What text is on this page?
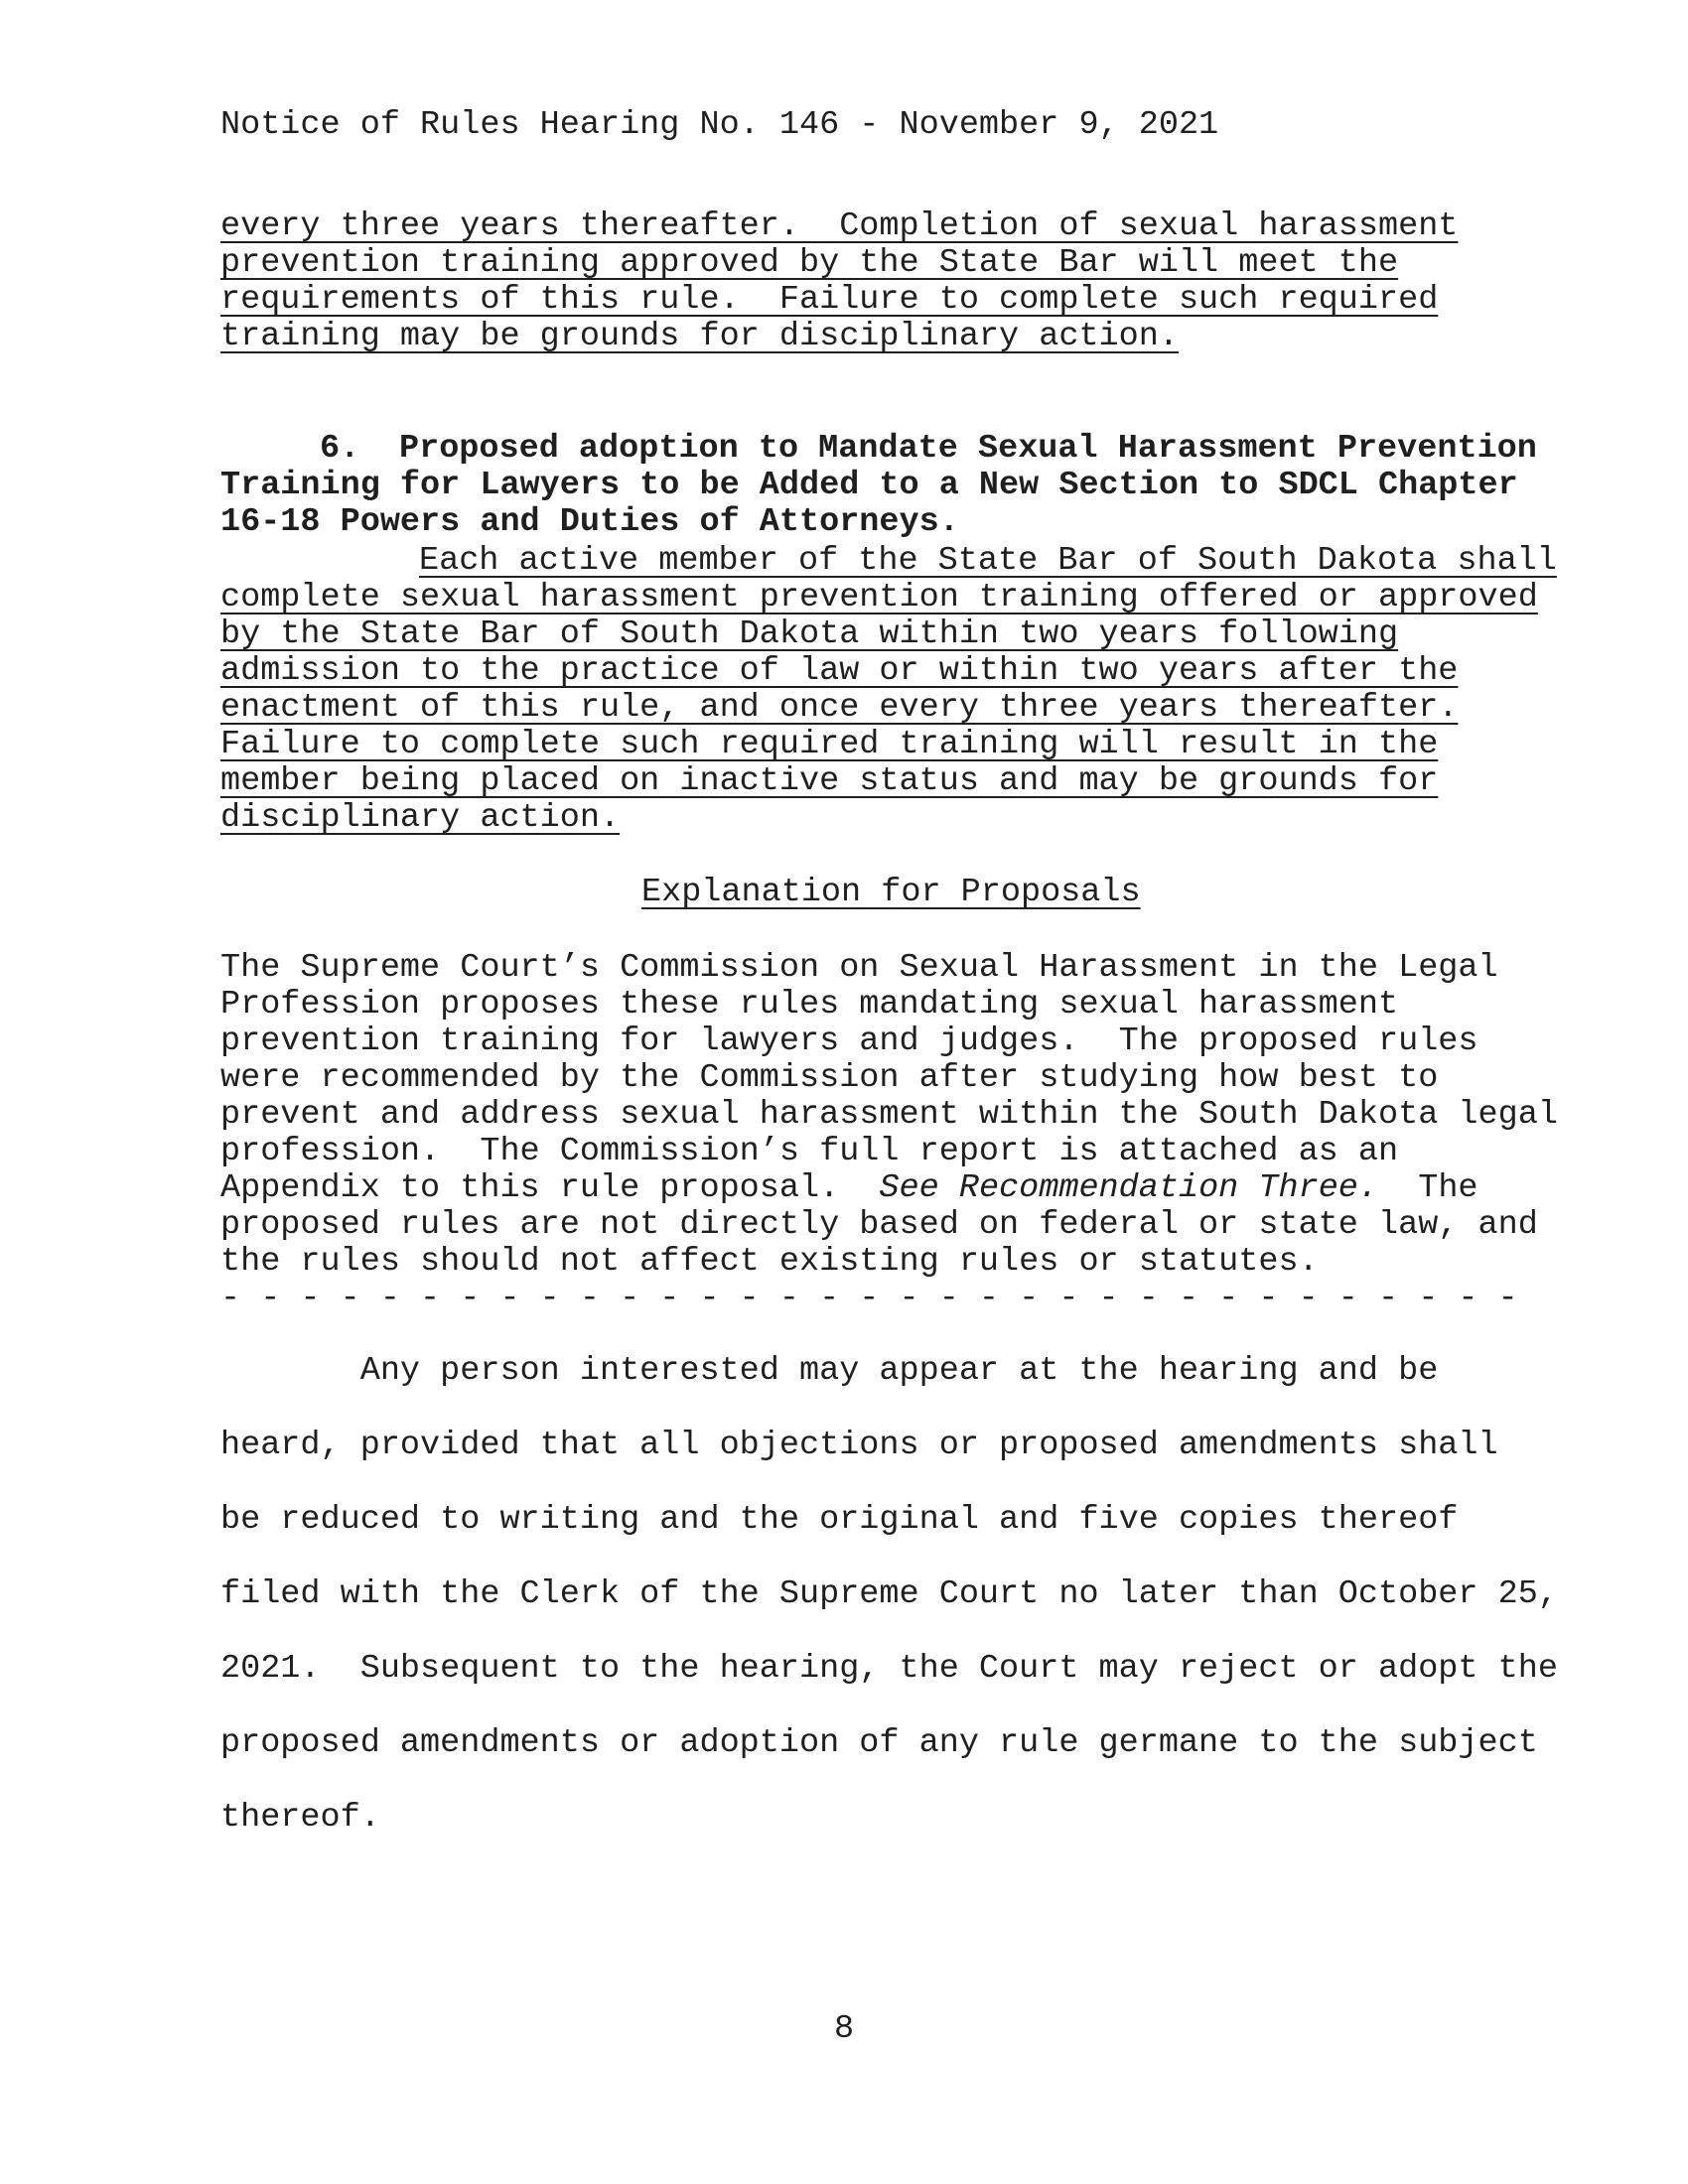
Notice of Rules Hearing No. 146 - November 9, 2021
every three years thereafter.  Completion of sexual harassment
prevention training approved by the State Bar will meet the
requirements of this rule.  Failure to complete such required
training may be grounds for disciplinary action.
6. Proposed adoption to Mandate Sexual Harassment Prevention
Training for Lawyers to be Added to a New Section to SDCL Chapter
16-18 Powers and Duties of Attorneys.
Each active member of the State Bar of South Dakota shall
complete sexual harassment prevention training offered or approved
by the State Bar of South Dakota within two years following
admission to the practice of law or within two years after the
enactment of this rule, and once every three years thereafter.
Failure to complete such required training will result in the
member being placed on inactive status and may be grounds for
disciplinary action.
Explanation for Proposals
The Supreme Court’s Commission on Sexual Harassment in the Legal
Profession proposes these rules mandating sexual harassment
prevention training for lawyers and judges.  The proposed rules
were recommended by the Commission after studying how best to
prevent and address sexual harassment within the South Dakota legal
profession.  The Commission’s full report is attached as an
Appendix to this rule proposal.  See Recommendation Three.  The
proposed rules are not directly based on federal or state law, and
the rules should not affect existing rules or statutes.
- - - - - - - - - - - - - - - - - - - - - - - - - - - - - - - - -
Any person interested may appear at the hearing and be
heard, provided that all objections or proposed amendments shall
be reduced to writing and the original and five copies thereof
filed with the Clerk of the Supreme Court no later than October 25,
2021.  Subsequent to the hearing, the Court may reject or adopt the
proposed amendments or adoption of any rule germane to the subject
thereof.
8
